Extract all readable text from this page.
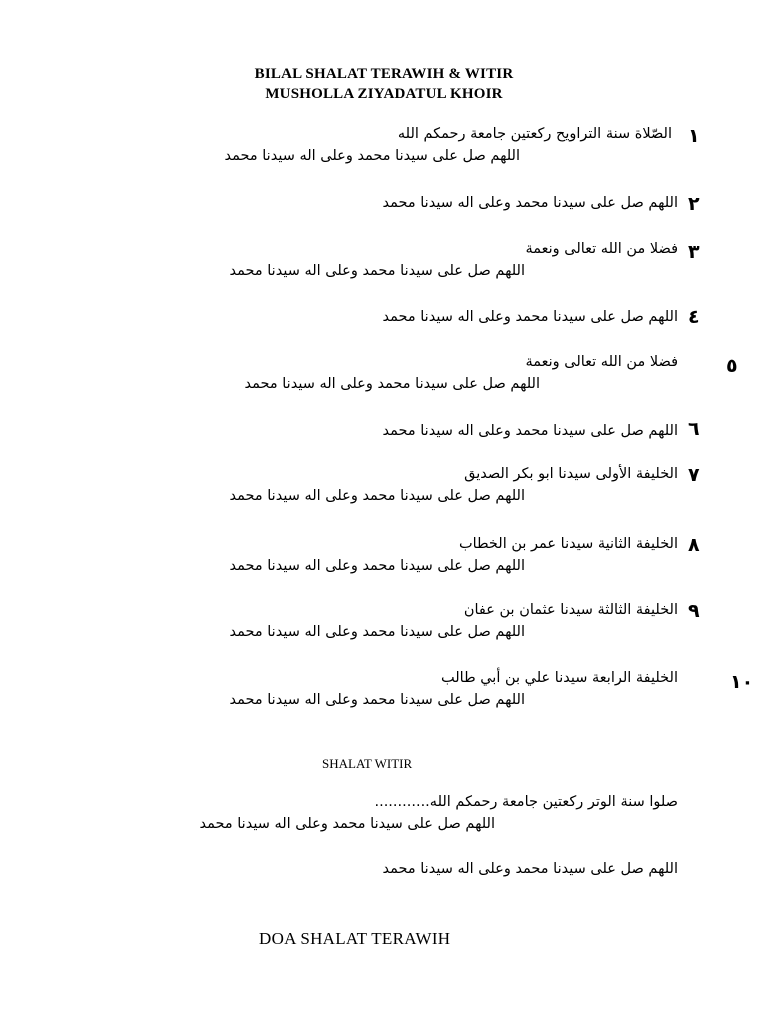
BILAL SHALAT TERAWIH & WITIR
MUSHOLLA ZIYADATUL KHOIR
١
الصّلاة سنة التراويح ركعتين جامعة رحمكم الله
اللهم صل على سيدنا محمد وعلى اله سيدنا محمد
٢
اللهم صل على سيدنا محمد وعلى اله سيدنا محمد
٣
فضلا من الله تعالى ونعمة
اللهم صل على سيدنا محمد وعلى اله سيدنا محمد
٤
اللهم صل على سيدنا محمد وعلى اله سيدنا محمد
٥
فضلا من الله تعالى ونعمة
اللهم صل على سيدنا محمد وعلى اله سيدنا محمد
٦
اللهم صل على سيدنا محمد وعلى اله سيدنا محمد
٧
الخليفة الأولى سيدنا ابو بكر الصديق
اللهم صل على سيدنا محمد وعلى اله سيدنا محمد
٨
الخليفة الثانية سيدنا عمر بن الخطاب
اللهم صل على سيدنا محمد وعلى اله سيدنا محمد
٩
الخليفة الثالثة سيدنا عثمان بن عفان
اللهم صل على سيدنا محمد وعلى اله سيدنا محمد
١٠
الخليفة الرابعة سيدنا علي بن أبي طالب
اللهم صل على سيدنا محمد وعلى اله سيدنا محمد
SHALAT WITIR
صلوا سنة الوتر ركعتين جامعة رحمكم الله............
اللهم صل على سيدنا محمد وعلى اله سيدنا محمد
اللهم صل على سيدنا محمد وعلى اله سيدنا محمد
DOA SHALAT TERAWIH
